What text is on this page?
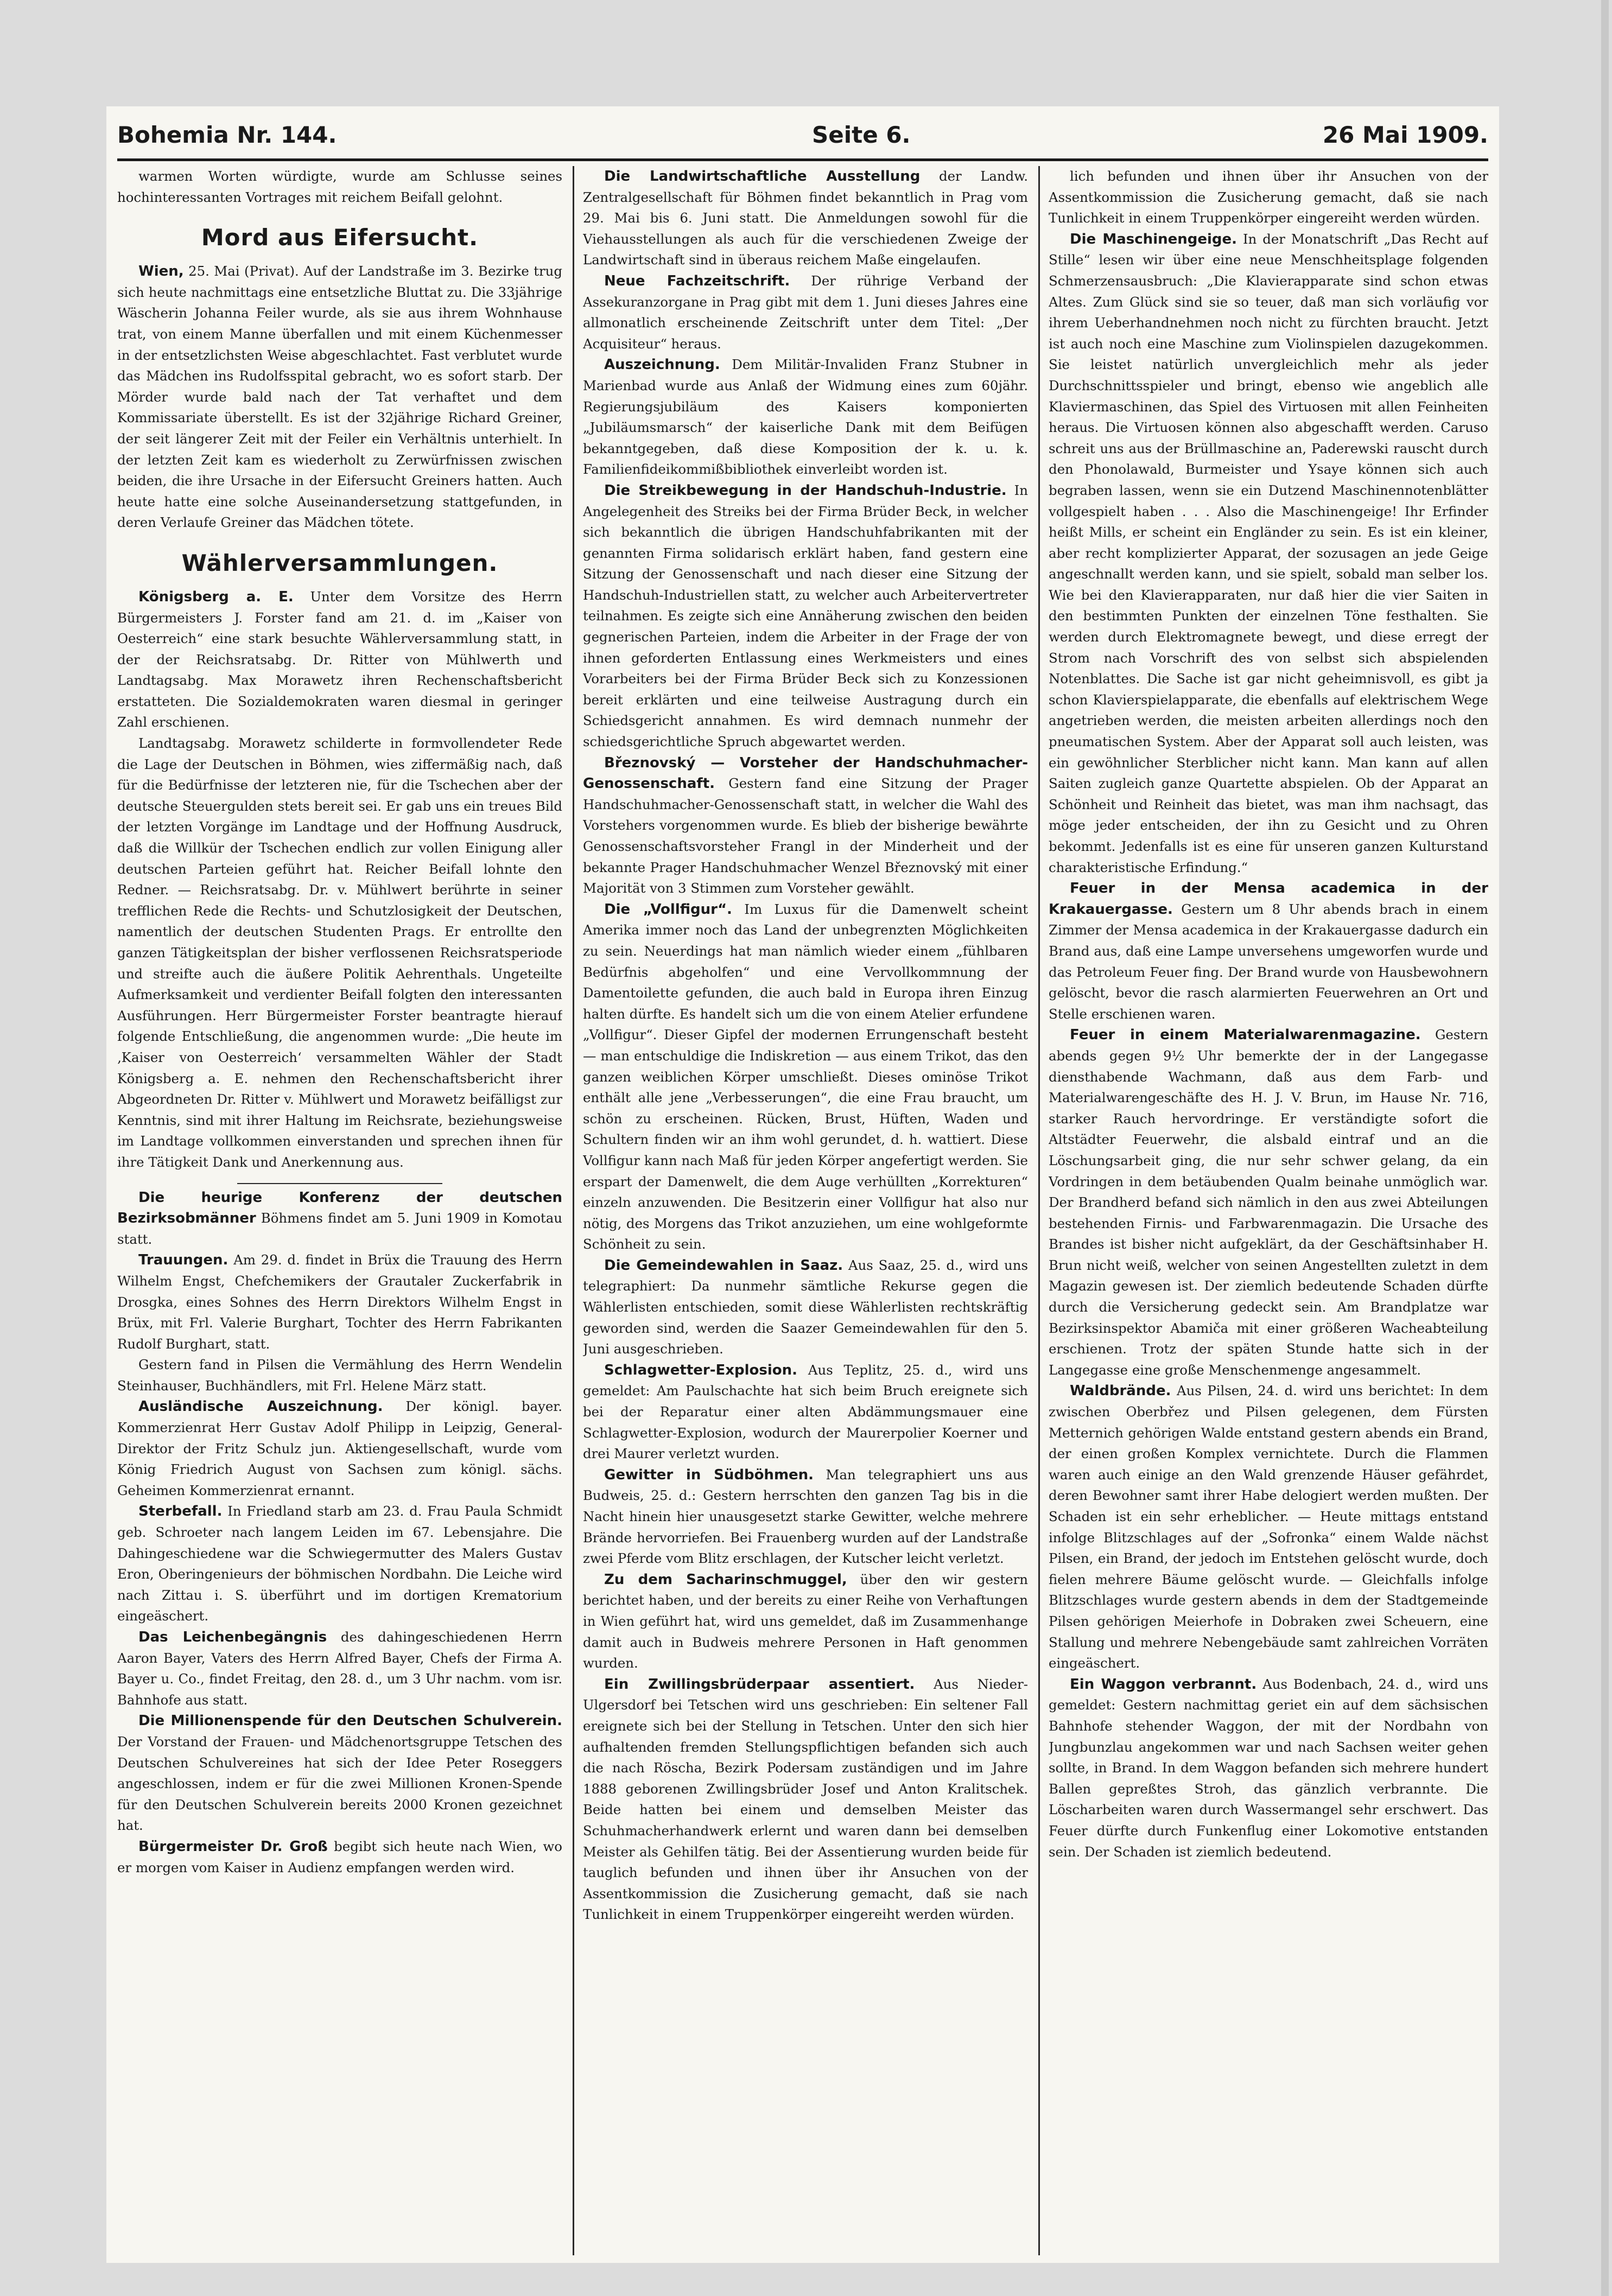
Bohemia Nr. 144.	Seite 6.	26 Mai 1909.

warmen Worten würdigte, wurde am Schlusse seines hochinteressanten Vortrages mit reichem Beifall gelohnt.

Mord aus Eifersucht.

Wien, 25. Mai (Privat). Auf der Landstraße im 3. Bezirke trug sich heute nachmittags eine entsetzliche Bluttat zu. Die 33jährige Wäscherin Johanna Feiler wurde, als sie aus ihrem Wohnhause trat, von einem Manne überfallen und mit einem Küchenmesser in der entsetzlichsten Weise abgeschlachtet. Fast verblutet wurde das Mädchen ins Rudolfsspital gebracht, wo es sofort starb. Der Mörder wurde bald nach der Tat verhaftet und dem Kommissariate überstellt. Es ist der 32jährige Richard Greiner, der seit längerer Zeit mit der Feiler ein Verhältnis unterhielt. In der letzten Zeit kam es wiederholt zu Zerwürfnissen zwischen beiden, die ihre Ursache in der Eifersucht Greiners hatten. Auch heute hatte eine solche Auseinandersetzung stattgefunden, in deren Verlaufe Greiner das Mädchen tötete.

Wählerversammlungen.

Königsberg a. E. Unter dem Vorsitze des Herrn Bürgermeisters J. Forster fand am 21. d. im „Kaiser von Oesterreich“ eine stark besuchte Wählerversammlung statt, in der der Reichsratsabg. Dr. Ritter von Mühlwerth und Landtagsabg. Max Morawetz ihren Rechenschaftsbericht erstatteten. Die Sozialdemokraten waren diesmal in geringer Zahl erschienen.

Landtagsabg. Morawetz schilderte in formvollendeter Rede die Lage der Deutschen in Böhmen, wies ziffermäßig nach, daß für die Bedürfnisse der letzteren nie, für die Tschechen aber der deutsche Steuergulden stets bereit sei. Er gab uns ein treues Bild der letzten Vorgänge im Landtage und der Hoffnung Ausdruck, daß die Willkür der Tschechen endlich zur vollen Einigung aller deutschen Parteien geführt hat. Reicher Beifall lohnte den Redner. — Reichsratsabg. Dr. v. Mühlwert berührte in seiner trefflichen Rede die Rechts- und Schutzlosigkeit der Deutschen, namentlich der deutschen Studenten Prags. Er entrollte den ganzen Tätigkeitsplan der bisher verflossenen Reichsratsperiode und streifte auch die äußere Politik Aehrenthals. Ungeteilte Aufmerksamkeit und verdienter Beifall folgten den interessanten Ausführungen. Herr Bürgermeister Forster beantragte hierauf folgende Entschließung, die angenommen wurde: „Die heute im ‚Kaiser von Oesterreich‘ versammelten Wähler der Stadt Königsberg a. E. nehmen den Rechenschaftsbericht ihrer Abgeordneten Dr. Ritter v. Mühlwert und Morawetz beifälligst zur Kenntnis, sind mit ihrer Haltung im Reichsrate, beziehungsweise im Landtage vollkommen einverstanden und sprechen ihnen für ihre Tätigkeit Dank und Anerkennung aus.

Die heurige Konferenz der deutschen Bezirksobmänner Böhmens findet am 5. Juni 1909 in Komotau statt.

Trauungen. Am 29. d. findet in Brüx die Trauung des Herrn Wilhelm Engst, Chefchemikers der Grautaler Zuckerfabrik in Drosgka, eines Sohnes des Herrn Direktors Wilhelm Engst in Brüx, mit Frl. Valerie Burghart, Tochter des Herrn Fabrikanten Rudolf Burghart, statt.

Gestern fand in Pilsen die Vermählung des Herrn Wendelin Steinhauser, Buchhändlers, mit Frl. Helene März statt.

Ausländische Auszeichnung. Der königl. bayer. Kommerzienrat Herr Gustav Adolf Philipp in Leipzig, General-Direktor der Fritz Schulz jun. Aktiengesellschaft, wurde vom König Friedrich August von Sachsen zum königl. sächs. Geheimen Kommerzienrat ernannt.

Sterbefall. In Friedland starb am 23. d. Frau Paula Schmidt geb. Schroeter nach langem Leiden im 67. Lebensjahre. Die Dahingeschiedene war die Schwiegermutter des Malers Gustav Eron, Oberingenieurs der böhmischen Nordbahn. Die Leiche wird nach Zittau i. S. überführt und im dortigen Krematorium eingeäschert.

Das Leichenbegängnis des dahingeschiedenen Herrn Aaron Bayer, Vaters des Herrn Alfred Bayer, Chefs der Firma A. Bayer u. Co., findet Freitag, den 28. d., um 3 Uhr nachm. vom isr. Bahnhofe aus statt.

Die Millionenspende für den Deutschen Schulverein. Der Vorstand der Frauen- und Mädchenortsgruppe Tetschen des Deutschen Schulvereines hat sich der Idee Peter Roseggers angeschlossen, indem er für die zwei Millionen Kronen-Spende für den Deutschen Schulverein bereits 2000 Kronen gezeichnet hat.

Bürgermeister Dr. Groß begibt sich heute nach Wien, wo er morgen vom Kaiser in Audienz empfangen werden wird.

Die Landwirtschaftliche Ausstellung der Landw. Zentralgesellschaft für Böhmen findet bekanntlich in Prag vom 29. Mai bis 6. Juni statt. Die Anmeldungen sowohl für die Viehausstellungen als auch für die verschiedenen Zweige der Landwirtschaft sind in überaus reichem Maße eingelaufen.

Neue Fachzeitschrift. Der rührige Verband der Assekuranzorgane in Prag gibt mit dem 1. Juni dieses Jahres eine allmonatlich erscheinende Zeitschrift unter dem Titel: „Der Acquisiteur“ heraus.

Auszeichnung. Dem Militär-Invaliden Franz Stubner in Marienbad wurde aus Anlaß der Widmung eines zum 60jähr. Regierungsjubiläum des Kaisers komponierten „Jubiläumsmarsch“ der kaiserliche Dank mit dem Beifügen bekanntgegeben, daß diese Komposition der k. u. k. Familienfideikommißbibliothek einverleibt worden ist.

Die Streikbewegung in der Handschuh-Industrie. In Angelegenheit des Streiks bei der Firma Brüder Beck, in welcher sich bekanntlich die übrigen Handschuhfabrikanten mit der genannten Firma solidarisch erklärt haben, fand gestern eine Sitzung der Genossenschaft und nach dieser eine Sitzung der Handschuh-Industriellen statt, zu welcher auch Arbeitervertreter teilnahmen. Es zeigte sich eine Annäherung zwischen den beiden gegnerischen Parteien, indem die Arbeiter in der Frage der von ihnen geforderten Entlassung eines Werkmeisters und eines Vorarbeiters bei der Firma Brüder Beck sich zu Konzessionen bereit erklärten und eine teilweise Austragung durch ein Schiedsgericht annahmen. Es wird demnach nunmehr der schiedsgerichtliche Spruch abgewartet werden.

Březnovský — Vorsteher der Handschuhmacher-Genossenschaft. Gestern fand eine Sitzung der Prager Handschuhmacher-Genossenschaft statt, in welcher die Wahl des Vorstehers vorgenommen wurde. Es blieb der bisherige bewährte Genossenschaftsvorsteher Frangl in der Minderheit und der bekannte Prager Handschuhmacher Wenzel Březnovský mit einer Majorität von 3 Stimmen zum Vorsteher gewählt.

Die „Vollfigur“. Im Luxus für die Damenwelt scheint Amerika immer noch das Land der unbegrenzten Möglichkeiten zu sein. Neuerdings hat man nämlich wieder einem „fühlbaren Bedürfnis abgeholfen“ und eine Vervollkommnung der Damentoilette gefunden, die auch bald in Europa ihren Einzug halten dürfte. Es handelt sich um die von einem Atelier erfundene „Vollfigur“. Dieser Gipfel der modernen Errungenschaft besteht — man entschuldige die Indiskretion — aus einem Trikot, das den ganzen weiblichen Körper umschließt. Dieses ominöse Trikot enthält alle jene „Verbesserungen“, die eine Frau braucht, um schön zu erscheinen. Rücken, Brust, Hüften, Waden und Schultern finden wir an ihm wohl gerundet, d. h. wattiert. Diese Vollfigur kann nach Maß für jeden Körper angefertigt werden. Sie erspart der Damenwelt, die dem Auge verhüllten „Korrekturen“ einzeln anzuwenden. Die Besitzerin einer Vollfigur hat also nur nötig, des Morgens das Trikot anzuziehen, um eine wohlgeformte Schönheit zu sein.

Die Gemeindewahlen in Saaz. Aus Saaz, 25. d., wird uns telegraphiert: Da nunmehr sämtliche Rekurse gegen die Wählerlisten entschieden, somit diese Wählerlisten rechtskräftig geworden sind, werden die Saazer Gemeindewahlen für den 5. Juni ausgeschrieben.

Schlagwetter-Explosion. Aus Teplitz, 25. d., wird uns gemeldet: Am Paulschachte hat sich beim Bruch ereignete sich bei der Reparatur einer alten Abdämmungsmauer eine Schlagwetter-Explosion, wodurch der Maurerpolier Koerner und drei Maurer verletzt wurden.

Gewitter in Südböhmen. Man telegraphiert uns aus Budweis, 25. d.: Gestern herrschten den ganzen Tag bis in die Nacht hinein hier unausgesetzt starke Gewitter, welche mehrere Brände hervorriefen. Bei Frauenberg wurden auf der Landstraße zwei Pferde vom Blitz erschlagen, der Kutscher leicht verletzt.

Zu dem Sacharinschmuggel, über den wir gestern berichtet haben, und der bereits zu einer Reihe von Verhaftungen in Wien geführt hat, wird uns gemeldet, daß im Zusammenhange damit auch in Budweis mehrere Personen in Haft genommen wurden.

Ein Zwillingsbrüderpaar assentiert. Aus Nieder-Ulgersdorf bei Tetschen wird uns geschrieben: Ein seltener Fall ereignete sich bei der Stellung in Tetschen. Unter den sich hier aufhaltenden fremden Stellungspflichtigen befanden sich auch die nach Röscha, Bezirk Podersam zuständigen und im Jahre 1888 geborenen Zwillingsbrüder Josef und Anton Kralitschek. Beide hatten bei einem und demselben Meister das Schuhmacherhandwerk erlernt und waren dann bei demselben Meister als Gehilfen tätig. Bei der Assentierung wurden beide für tauglich befunden und ihnen über ihr Ansuchen von der Assentkommission die Zusicherung gemacht, daß sie nach Tunlichkeit in einem Truppenkörper eingereiht werden würden.

lich befunden und ihnen über ihr Ansuchen von der Assentkommission die Zusicherung gemacht, daß sie nach Tunlichkeit in einem Truppenkörper eingereiht werden würden.

Die Maschinengeige. In der Monatschrift „Das Recht auf Stille“ lesen wir über eine neue Menschheitsplage folgenden Schmerzensausbruch: „Die Klavierapparate sind schon etwas Altes. Zum Glück sind sie so teuer, daß man sich vorläufig vor ihrem Ueberhandnehmen noch nicht zu fürchten braucht. Jetzt ist auch noch eine Maschine zum Violinspielen dazugekommen. Sie leistet natürlich unvergleichlich mehr als jeder Durchschnittsspieler und bringt, ebenso wie angeblich alle Klaviermaschinen, das Spiel des Virtuosen mit allen Feinheiten heraus. Die Virtuosen können also abgeschafft werden. Caruso schreit uns aus der Brüllmaschine an, Paderewski rauscht durch den Phonolawald, Burmeister und Ysaye können sich auch begraben lassen, wenn sie ein Dutzend Maschinennotenblätter vollgespielt haben . . . Also die Maschinengeige! Ihr Erfinder heißt Mills, er scheint ein Engländer zu sein. Es ist ein kleiner, aber recht komplizierter Apparat, der sozusagen an jede Geige angeschnallt werden kann, und sie spielt, sobald man selber los. Wie bei den Klavierapparaten, nur daß hier die vier Saiten in den bestimmten Punkten der einzelnen Töne festhalten. Sie werden durch Elektromagnete bewegt, und diese erregt der Strom nach Vorschrift des von selbst sich abspielenden Notenblattes. Die Sache ist gar nicht geheimnisvoll, es gibt ja schon Klavierspielapparate, die ebenfalls auf elektrischem Wege angetrieben werden, die meisten arbeiten allerdings noch den pneumatischen System. Aber der Apparat soll auch leisten, was ein gewöhnlicher Sterblicher nicht kann. Man kann auf allen Saiten zugleich ganze Quartette abspielen. Ob der Apparat an Schönheit und Reinheit das bietet, was man ihm nachsagt, das möge jeder entscheiden, der ihn zu Gesicht und zu Ohren bekommt. Jedenfalls ist es eine für unseren ganzen Kulturstand charakteristische Erfindung.“

Feuer in der Mensa academica in der Krakauergasse. Gestern um 8 Uhr abends brach in einem Zimmer der Mensa academica in der Krakauergasse dadurch ein Brand aus, daß eine Lampe unversehens umgeworfen wurde und das Petroleum Feuer fing. Der Brand wurde von Hausbewohnern gelöscht, bevor die rasch alarmierten Feuerwehren an Ort und Stelle erschienen waren.

Feuer in einem Materialwarenmagazine. Gestern abends gegen 9½ Uhr bemerkte der in der Langegasse diensthabende Wachmann, daß aus dem Farb- und Materialwarengeschäfte des H. J. V. Brun, im Hause Nr. 716, starker Rauch hervordringe. Er verständigte sofort die Altstädter Feuerwehr, die alsbald eintraf und an die Löschungsarbeit ging, die nur sehr schwer gelang, da ein Vordringen in dem betäubenden Qualm beinahe unmöglich war. Der Brandherd befand sich nämlich in den aus zwei Abteilungen bestehenden Firnis- und Farbwarenmagazin. Die Ursache des Brandes ist bisher nicht aufgeklärt, da der Geschäftsinhaber H. Brun nicht weiß, welcher von seinen Angestellten zuletzt in dem Magazin gewesen ist. Der ziemlich bedeutende Schaden dürfte durch die Versicherung gedeckt sein. Am Brandplatze war Bezirksinspektor Abamiča mit einer größeren Wacheabteilung erschienen. Trotz der späten Stunde hatte sich in der Langegasse eine große Menschenmenge angesammelt.

Waldbrände. Aus Pilsen, 24. d. wird uns berichtet: In dem zwischen Oberbřez und Pilsen gelegenen, dem Fürsten Metternich gehörigen Walde entstand gestern abends ein Brand, der einen großen Komplex vernichtete. Durch die Flammen waren auch einige an den Wald grenzende Häuser gefährdet, deren Bewohner samt ihrer Habe delogiert werden mußten. Der Schaden ist ein sehr erheblicher. — Heute mittags entstand infolge Blitzschlages auf der „Sofronka“ einem Walde nächst Pilsen, ein Brand, der jedoch im Entstehen gelöscht wurde, doch fielen mehrere Bäume gelöscht wurde. — Gleichfalls infolge Blitzschlages wurde gestern abends in dem der Stadtgemeinde Pilsen gehörigen Meierhofe in Dobraken zwei Scheuern, eine Stallung und mehrere Nebengebäude samt zahlreichen Vorräten eingeäschert.

Ein Waggon verbrannt. Aus Bodenbach, 24. d., wird uns gemeldet: Gestern nachmittag geriet ein auf dem sächsischen Bahnhofe stehender Waggon, der mit der Nordbahn von Jungbunzlau angekommen war und nach Sachsen weiter gehen sollte, in Brand. In dem Waggon befanden sich mehrere hundert Ballen gepreßtes Stroh, das gänzlich verbrannte. Die Löscharbeiten waren durch Wassermangel sehr erschwert. Das Feuer dürfte durch Funkenflug einer Lokomotive entstanden sein. Der Schaden ist ziemlich bedeutend.
